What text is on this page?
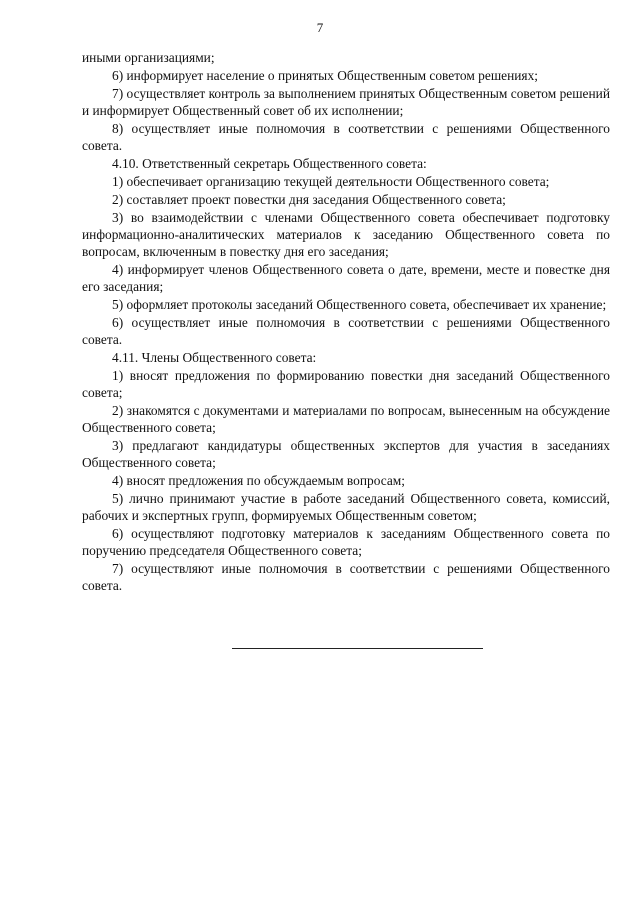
7

иными организациями;

6) информирует население о принятых Общественным советом решениях;

7) осуществляет контроль за выполнением принятых Общественным советом решений и информирует Общественный совет об их исполнении;

8) осуществляет иные полномочия в соответствии с решениями Общественного совета.

4.10. Ответственный секретарь Общественного совета:

1) обеспечивает организацию текущей деятельности Общественного совета;

2) составляет проект повестки дня заседания Общественного совета;

3) во взаимодействии с членами Общественного совета обеспечивает подготовку информационно-аналитических материалов к заседанию Общественного совета по вопросам, включенным в повестку дня его заседания;

4) информирует членов Общественного совета о дате, времени, месте и повестке дня его заседания;

5) оформляет протоколы заседаний Общественного совета, обеспечивает их хранение;

6) осуществляет иные полномочия в соответствии с решениями Общественного совета.

4.11. Члены Общественного совета:

1) вносят предложения по формированию повестки дня заседаний Общественного совета;

2) знакомятся с документами и материалами по вопросам, вынесенным на обсуждение Общественного совета;

3) предлагают кандидатуры общественных экспертов для участия в заседаниях Общественного совета;

4) вносят предложения по обсуждаемым вопросам;

5) лично принимают участие в работе заседаний Общественного совета, комиссий, рабочих и экспертных групп, формируемых Общественным советом;

6) осуществляют подготовку материалов к заседаниям Общественного совета по поручению председателя Общественного совета;

7) осуществляют иные полномочия в соответствии с решениями Общественного совета.
